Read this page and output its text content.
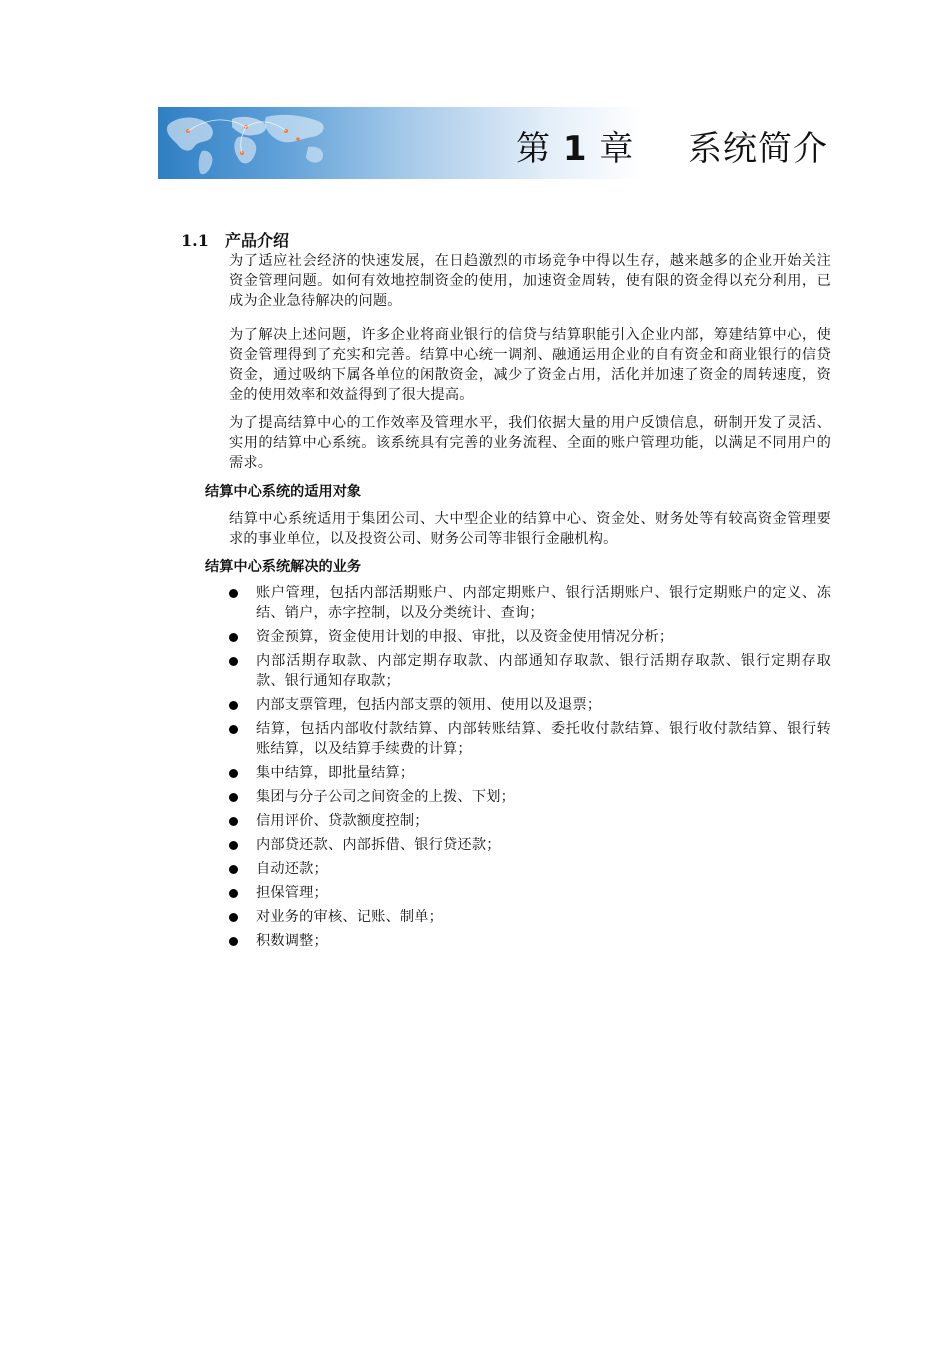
第 1 章 系统简介
1.1 产品介绍

为了适应社会经济的快速发展，在日趋激烈的市场竞争中得以生存，越来越多的企业开始关注资金管理问题。如何有效地控制资金的使用，加速资金周转，使有限的资金得以充分利用，已成为企业急待解决的问题。

为了解决上述问题，许多企业将商业银行的信贷与结算职能引入企业内部，筹建结算中心，使资金管理得到了充实和完善。结算中心统一调剂、融通运用企业的自有资金和商业银行的信贷资金，通过吸纳下属各单位的闲散资金，减少了资金占用，活化并加速了资金的周转速度，资金的使用效率和效益得到了很大提高。

为了提高结算中心的工作效率及管理水平，我们依据大量的用户反馈信息，研制开发了灵活、实用的结算中心系统。该系统具有完善的业务流程、全面的账户管理功能，以满足不同用户的需求。

结算中心系统的适用对象

结算中心系统适用于集团公司、大中型企业的结算中心、资金处、财务处等有较高资金管理要求的事业单位，以及投资公司、财务公司等非银行金融机构。

结算中心系统解决的业务
账户管理，包括内部活期账户、内部定期账户、银行活期账户、银行定期账户的定义、冻结、销户，赤字控制，以及分类统计、查询；
资金预算，资金使用计划的申报、审批，以及资金使用情况分析；
内部活期存取款、内部定期存取款、内部通知存取款、银行活期存取款、银行定期存取款、银行通知存取款；
内部支票管理，包括内部支票的领用、使用以及退票；
结算，包括内部收付款结算、内部转账结算、委托收付款结算、银行收付款结算、银行转账结算，以及结算手续费的计算；
集中结算，即批量结算；
集团与分子公司之间资金的上拨、下划；
信用评价、贷款额度控制；
内部贷还款、内部拆借、银行贷还款；
自动还款；
担保管理；
对业务的审核、记账、制单；
积数调整；
